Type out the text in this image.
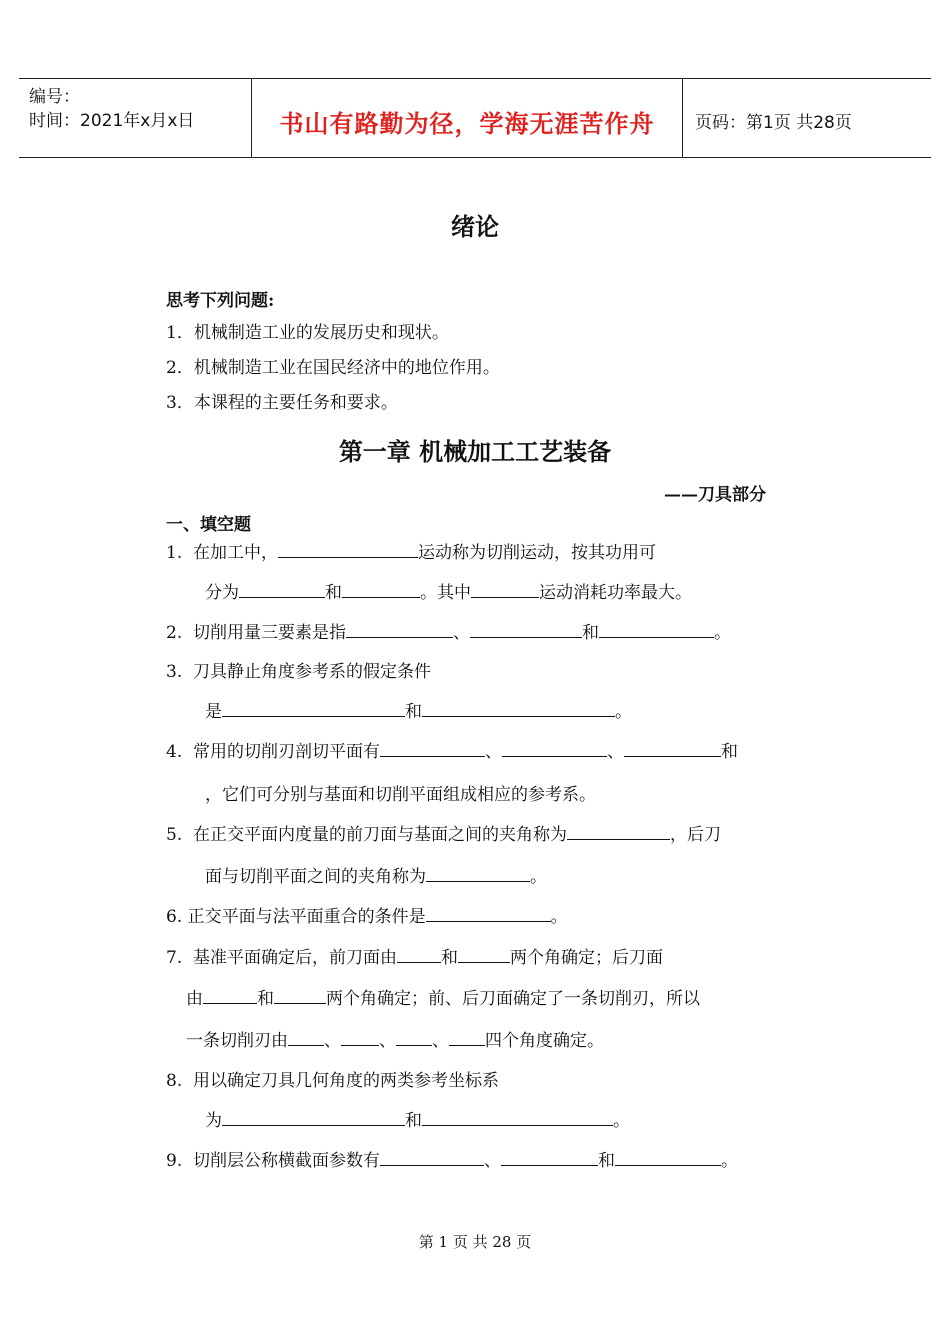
编号：
时间：2021年x月x日	书山有路勤为径，学海无涯苦作舟	页码：第1页 共28页
绪论
思考下列问题:
1．机械制造工业的发展历史和现状。
2．机械制造工业在国民经济中的地位作用。
3．本课程的主要任务和要求。
第一章 机械加工工艺装备
——刀具部分
一、填空题
1. 在加工中，	运动称为切削运动，按其功用可
分为	和	。其中	运动消耗功率最大。
2. 切削用量三要素是指	、	和	。
3. 刀具静止角度参考系的假定条件
是	和	。
4. 常用的切削刃剖切平面有	、	、	和
，它们可分别与基面和切削平面组成相应的参考系。
5. 在正交平面内度量的前刀面与基面之间的夹角称为	，后刀
面与切削平面之间的夹角称为	。
6. 正交平面与法平面重合的条件是	。
7. 基准平面确定后，前刀面由	和	两个角确定；后刀面
由	和	两个角确定；前、后刀面确定了一条切削刃，所以
一条切削刃由 、 、 、 四个角度确定。
8. 用以确定刀具几何角度的两类参考坐标系
为	和	。
9. 切削层公称横截面参数有	、	和	。
第 1 页 共 28 页
